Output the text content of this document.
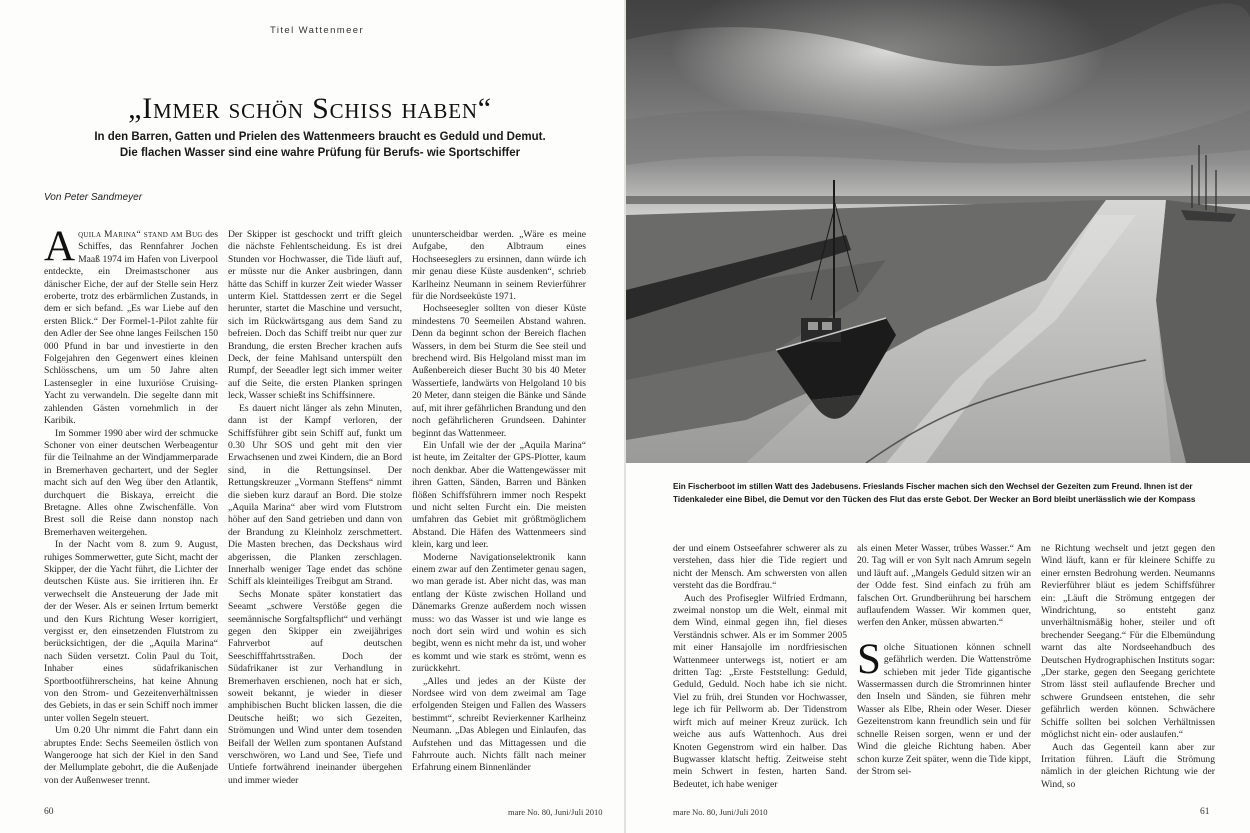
Titel Wattenmeer
„Immer schön Schiss haben“
In den Barren, Gatten und Prielen des Wattenmeers braucht es Geduld und Demut.
Die flachen Wasser sind eine wahre Prüfung für Berufs- wie Sportschiffer
Von Peter Sandmeyer

A quila Marina“ stand am Bug des Schiffes, das Rennfahrer Jochen Maaß 1974 im Hafen von Liverpool entdeckte, ein Dreimastschoner aus dänischer Eiche, der auf der Stelle sein Herz eroberte, trotz des erbärmlichen Zustands, in dem er sich befand. „Es war Liebe auf den ersten Blick.“ Der Formel-1-Pilot zahlte für den Adler der See ohne langes Feilschen 150 000 Pfund in bar und investierte in den Folgejahren den Gegenwert eines kleinen Schlösschens, um um 50 Jahre alten Lastensegler in eine luxuriöse Cruising-Yacht zu verwandeln. Die segelte dann mit zahlenden Gästen vornehmlich in der Karibik.

Im Sommer 1990 aber wird der schmucke Schoner von einer deutschen Werbeagentur für die Teilnahme an der Windjammerparade in Bremerhaven gechartert, und der Segler macht sich auf den Weg über den Atlantik, durchquert die Biskaya, erreicht die Bretagne. Alles ohne Zwischenfälle. Von Brest soll die Reise dann nonstop nach Bremerhaven weitergehen.

In der Nacht vom 8. zum 9. August, ruhiges Sommerwetter, gute Sicht, macht der Skipper, der die Yacht führt, die Lichter der deutschen Küste aus. Sie irritieren ihn. Er verwechselt die Ansteuerung der Jade mit der der Weser. Als er seinen Irrtum bemerkt und den Kurs Richtung Weser korrigiert, vergisst er, den einsetzenden Flutstrom zu berücksichtigen, der die „Aquila Marina“ nach Süden versetzt. Colin Paul du Toit, Inhaber eines südafrikanischen Sportbootführerscheins, hat keine Ahnung von den Strom- und Gezeitenverhältnissen des Gebiets, in das er sein Schiff noch immer unter vollen Segeln steuert.

Um 0.20 Uhr nimmt die Fahrt dann ein abruptes Ende: Sechs Seemeilen östlich von Wangerooge hat sich der Kiel in den Sand der Mellumplate gebohrt, die die Außenjade von der Außenweser trennt.

Der Skipper ist geschockt und trifft gleich die nächste Fehlentscheidung. Es ist drei Stunden vor Hochwasser, die Tide läuft auf, er müsste nur die Anker ausbringen, dann hätte das Schiff in kurzer Zeit wieder Wasser unterm Kiel. Stattdessen zerrt er die Segel herunter, startet die Maschine und versucht, sich im Rückwärtsgang aus dem Sand zu befreien. Doch das Schiff treibt nur quer zur Brandung, die ersten Brecher krachen aufs Deck, der feine Mahlsand unterspült den Rumpf, der Seeadler legt sich immer weiter auf die Seite, die ersten Planken springen leck, Wasser schießt ins Schiffsinnere.

Es dauert nicht länger als zehn Minuten, dann ist der Kampf verloren, der Schiffsführer gibt sein Schiff auf, funkt um 0.30 Uhr SOS und geht mit den vier Erwachsenen und zwei Kindern, die an Bord sind, in die Rettungsinsel. Der Rettungskreuzer „Vormann Steffens“ nimmt die sieben kurz darauf an Bord. Die stolze „Aquila Marina“ aber wird vom Flutstrom höher auf den Sand getrieben und dann von der Brandung zu Kleinholz zerschmettert. Die Masten brechen, das Deckshaus wird abgerissen, die Planken zerschlagen. Innerhalb weniger Tage endet das schöne Schiff als kleinteiliges Treibgut am Strand.

Sechs Monate später konstatiert das Seeamt „schwere Verstöße gegen die seemännische Sorgfaltspflicht“ und verhängt gegen den Skipper ein zweijähriges Fahrverbot auf deutschen Seeschifffahrtsstraßen. Doch der Südafrikaner ist zur Verhandlung in Bremerhaven erschienen, noch hat er sich, soweit bekannt, je wieder in dieser amphibischen Bucht blicken lassen, die die Deutsche heißt; wo sich Gezeiten, Strömungen und Wind unter dem tosenden Beifall der Wellen zum spontanen Aufstand verschwören, wo Land und See, Tiefe und Untiefe fortwährend ineinander übergehen und immer wieder

ununterscheidbar werden. „Wäre es meine Aufgabe, den Albtraum eines Hochseeseglers zu ersinnen, dann würde ich mir genau diese Küste ausdenken“, schrieb Karlheinz Neumann in seinem Revierführer für die Nordseeküste 1971.

Hochseesegler sollten von dieser Küste mindestens 70 Seemeilen Abstand wahren. Denn da beginnt schon der Bereich flachen Wassers, in dem bei Sturm die See steil und brechend wird. Bis Helgoland misst man im Außenbereich dieser Bucht 30 bis 40 Meter Wassertiefe, landwärts von Helgoland 10 bis 20 Meter, dann steigen die Bänke und Sände auf, mit ihrer gefährlichen Brandung und den noch gefährlicheren Grundseen. Dahinter beginnt das Wattenmeer.

Ein Unfall wie der der „Aquila Marina“ ist heute, im Zeitalter der GPS-Plotter, kaum noch denkbar. Aber die Wattengewässer mit ihren Gatten, Sänden, Barren und Bänken flößen Schiffsführern immer noch Respekt und nicht selten Furcht ein. Die meisten umfahren das Gebiet mit größtmöglichem Abstand. Die Häfen des Wattenmeers sind klein, karg und leer.

Moderne Navigationselektronik kann einem zwar auf den Zentimeter genau sagen, wo man gerade ist. Aber nicht das, was man entlang der Küste zwischen Holland und Dänemarks Grenze außerdem noch wissen muss: wo das Wasser ist und wie lange es noch dort sein wird und wohin es sich begibt, wenn es nicht mehr da ist, und woher es kommt und wie stark es strömt, wenn es zurückkehrt.

„Alles und jedes an der Küste der Nordsee wird von dem zweimal am Tage erfolgenden Steigen und Fallen des Wassers bestimmt“, schreibt Revierkenner Karlheinz Neumann. „Das Ablegen und Einlaufen, das Aufstehen und das Mittagessen und die Fahrroute auch. Nichts fällt nach meiner Erfahrung einem Binnenländer

60	mare No. 80, Juni/Juli 2010
Ein Fischerboot im stillen Watt des Jadebusens. Frieslands Fischer machen sich den Wechsel der Gezeiten zum Freund. Ihnen ist der
Tidenkaleder eine Bibel, die Demut vor den Tücken des Flut das erste Gebot. Der Wecker an Bord bleibt unerlässlich wie der Kompass

der und einem Ostseefahrer schwerer als zu verstehen, dass hier die Tide regiert und nicht der Mensch. Am schwersten von allen versteht das die Bordfrau.“

Auch des Profisegler Wilfried Erdmann, zweimal nonstop um die Welt, einmal mit dem Wind, einmal gegen ihn, fiel dieses Verständnis schwer. Als er im Sommer 2005 mit einer Hansajolle im nordfriesischen Wattenmeer unterwegs ist, notiert er am dritten Tag: „Erste Feststellung: Geduld, Geduld, Geduld. Noch habe ich sie nicht. Viel zu früh, drei Stunden vor Hochwasser, lege ich für Pellworm ab. Der Tidenstrom wirft mich auf meiner Kreuz zurück. Ich weiche aus aufs Wattenhoch. Aus drei Knoten Gegenstrom wird ein halber. Das Bugwasser klatscht heftig. Zeitweise steht mein Schwert in festen, harten Sand. Bedeutet, ich habe weniger

als einen Meter Wasser, trübes Wasser.“ Am 20. Tag will er von Sylt nach Amrum segeln und läuft auf. „Mangels Geduld sitzen wir an der Odde fest. Sind einfach zu früh am falschen Ort. Grundberührung bei harschem auflaufendem Wasser. Wir kommen quer, werfen den Anker, müssen abwarten.“

S olche Situationen können schnell gefährlich werden. Die Wattenströme schieben mit jeder Tide gigantische Wassermassen durch die Stromrinnen hinter den Inseln und Sänden, sie führen mehr Wasser als Elbe, Rhein oder Weser. Dieser Gezeitenstrom kann freundlich sein und für schnelle Reisen sorgen, wenn er und der Wind die gleiche Richtung haben. Aber schon kurze Zeit später, wenn die Tide kippt, der Strom sei-

ne Richtung wechselt und jetzt gegen den Wind läuft, kann er für kleinere Schiffe zu einer ernsten Bedrohung werden. Neumanns Revierführer bläut es jedem Schiffsführer ein: „Läuft die Strömung entgegen der Windrichtung, so entsteht ganz unverhältnismäßig hoher, steiler und oft brechender Seegang.“ Für die Elbemündung warnt das alte Nordseehandbuch des Deutschen Hydrographischen Instituts sogar: „Der starke, gegen den Seegang gerichtete Strom lässt steil auflaufende Brecher und schwere Grundseen entstehen, die sehr gefährlich werden können. Schwächere Schiffe sollten bei solchen Verhältnissen möglichst nicht ein- oder auslaufen.“

Auch das Gegenteil kann aber zur Irritation führen. Läuft die Strömung nämlich in der gleichen Richtung wie der Wind, so

mare No. 80, Juni/Juli 2010	61
